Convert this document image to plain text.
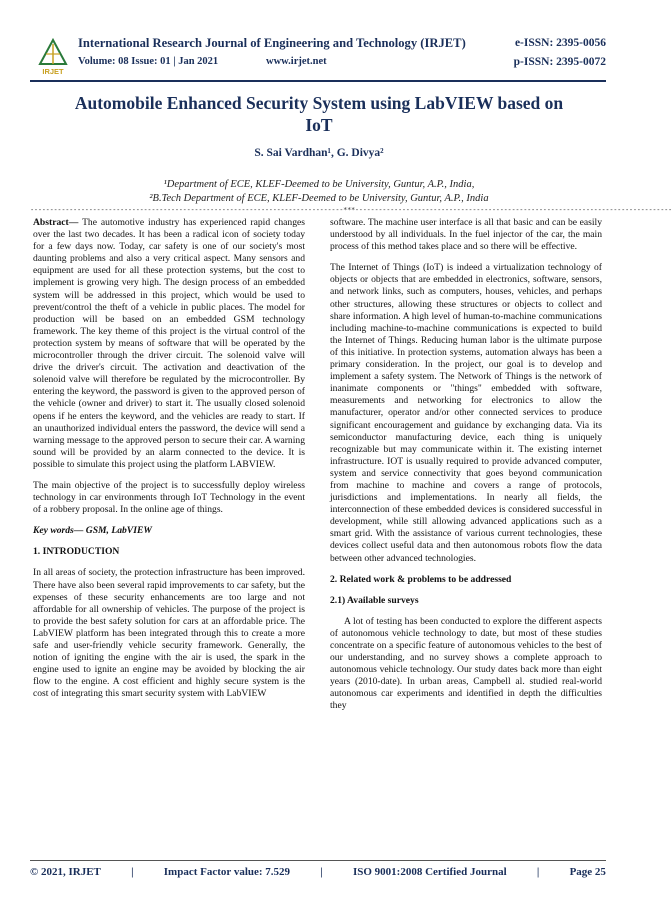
IRJET
International Research Journal of Engineering and Technology (IRJET)	e-ISSN: 2395-0056
Volume: 08 Issue: 01 | Jan 2021	www.irjet.net	p-ISSN: 2395-0072
Automobile Enhanced Security System using LabVIEW based on IoT
S. Sai Vardhan¹, G. Divya²
¹Department of ECE, KLEF-Deemed to be University, Guntur, A.P., India,
²B.Tech Department of ECE, KLEF-Deemed to be University, Guntur, A.P., India
--------------------------------------------------------------------------------***---------------------------------------------------------------------------------

Abstract— The automotive industry has experienced rapid changes over the last two decades. It has been a radical icon of society today for a few days now. Today, car safety is one of our society's most daunting problems and also a very critical aspect. Many sensors and equipment are used for all these protection systems, but the cost to implement is growing very high. The design process of an embedded system will be addressed in this project, which would be used to prevent/control the theft of a vehicle in public places. The model for production will be based on an embedded GSM technology framework. The key theme of this project is the virtual control of the protection system by means of software that will be operated by the microcontroller through the driver circuit. The solenoid valve will drive the driver's circuit. The activation and deactivation of the solenoid valve will therefore be regulated by the microcontroller. By entering the keyword, the password is given to the approved person of the vehicle (owner and driver) to start it. The usually closed solenoid opens if he enters the keyword, and the vehicles are ready to start. If an unauthorized individual enters the password, the device will send a warning message to the approved person to secure their car. A warning sound will be provided by an alarm connected to the device. It is possible to simulate this project using the platform LABVIEW.

The main objective of the project is to successfully deploy wireless technology in car environments through IoT Technology in the event of a robbery proposal. In the online age of things.

Key words— GSM, LabVIEW

1. INTRODUCTION

In all areas of society, the protection infrastructure has been improved. There have also been several rapid improvements to car safety, but the expenses of these security enhancements are too large and not affordable for all ownership of vehicles. The purpose of the project is to provide the best safety solution for cars at an affordable price. The LabVIEW platform has been integrated through this to create a more safe and user-friendly vehicle security framework. Generally, the notion of igniting the engine with the air is used, the spark in the engine used to ignite an engine may be avoided by blocking the air flow to the engine. A cost efficient and highly secure system is the cost of integrating this smart security system with LabVIEW

software. The machine user interface is all that basic and can be easily understood by all individuals. In the fuel injector of the car, the main process of this method takes place and so there will be effective.

The Internet of Things (IoT) is indeed a virtualization technology of objects or objects that are embedded in electronics, software, sensors, and network links, such as computers, houses, vehicles, and perhaps other structures, allowing these structures or objects to collect and share information. A high level of human-to-machine communications including machine-to-machine communications is expected to build the Internet of Things. Reducing human labor is the ultimate purpose of this initiative. In protection systems, automation always has been a primary consideration. In the project, our goal is to develop and implement a safety system. The Network of Things is the network of inanimate components or "things" embedded with software, measurements and networking for electronics to allow the manufacturer, operator and/or other connected services to produce significant encouragement and guidance by exchanging data. Via its semiconductor manufacturing device, each thing is uniquely recognizable but may communicate within it. The existing internet infrastructure. IOT is usually required to provide advanced computer, system and service connectivity that goes beyond communication from machine to machine and covers a range of protocols, jurisdictions and implementations. In nearly all fields, the interconnection of these embedded devices is considered successful in development, while still allowing advanced applications such as a smart grid. With the assistance of various current technologies, these devices collect useful data and then autonomous robots flow the data between other advanced technologies.

2. Related work & problems to be addressed

2.1) Available surveys

A lot of testing has been conducted to explore the different aspects of autonomous vehicle technology to date, but most of these studies concentrate on a specific feature of autonomous vehicles to the best of our understanding, and no survey shows a complete approach to autonomous vehicle technology. Our study dates back more than eight years (2010-date). In urban areas, Campbell al. studied real-world autonomous car experiments and identified in depth the difficulties they

© 2021, IRJET	|	Impact Factor value: 7.529	|	ISO 9001:2008 Certified Journal	|	Page 25
